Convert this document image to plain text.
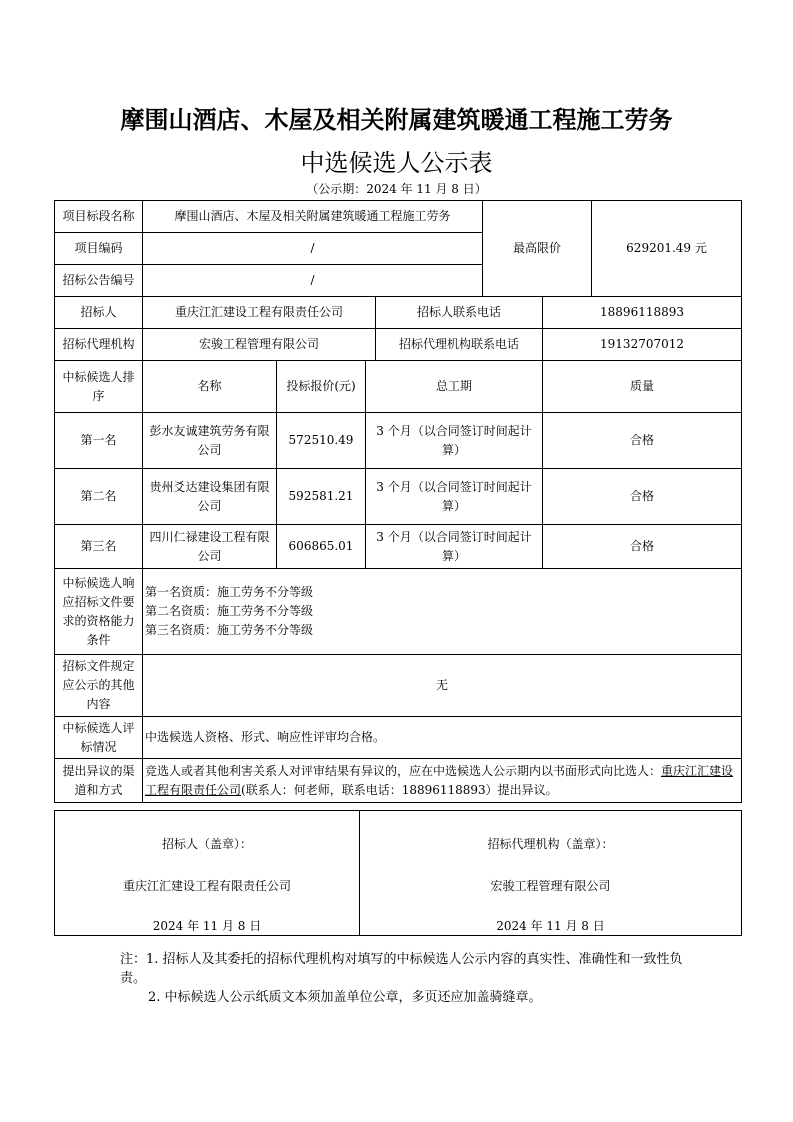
摩围山酒店、木屋及相关附属建筑暖通工程施工劳务
中选候选人公示表
（公示期：2024 年 11 月 8 日）
项目标段名称	摩围山酒店、木屋及相关附属建筑暖通工程施工劳务				最高限价		629201.49 元
项目编码	/						
招标公告编号	/						
招标人	重庆江汇建设工程有限责任公司			招标人联系电话		18896118893	
招标代理机构	宏骏工程管理有限公司			招标代理机构联系电话		19132707012	
中标候选人排序	名称	投标报价(元)	总工期			质量	
第一名	彭水友诚建筑劳务有限公司	572510.49	3 个月（以合同签订时间起计算）			合格	
第二名	贵州爻达建设集团有限公司	592581.21	3 个月（以合同签订时间起计算）			合格	
第三名	四川仁禄建设工程有限公司	606865.01	3 个月（以合同签订时间起计算）			合格	
中标候选人响应招标文件要求的资格能力条件	第一名资质：施工劳务不分等级
第二名资质：施工劳务不分等级
第三名资质：施工劳务不分等级						

招标文件规定应公示的其他内容	无						
中标候选人评标情况	中选候选人资格、形式、响应性评审均合格。						
提出异议的渠道和方式	竞选人或者其他利害关系人对评审结果有异议的，应在中选候选人公示期内以书面形式向比选人：重庆江汇建设工程有限责任公司(联系人：何老师，联系电话：18896118893）提出异议。						
招标人（盖章）：
重庆江汇建设工程有限责任公司
2024 年 11 月 8 日

招标代理机构（盖章）：
宏骏工程管理有限公司
2024 年 11 月 8 日
注：1. 招标人及其委托的招标代理机构对填写的中标候选人公示内容的真实性、准确性和一致性负责。
2. 中标候选人公示纸质文本须加盖单位公章，多页还应加盖骑缝章。
